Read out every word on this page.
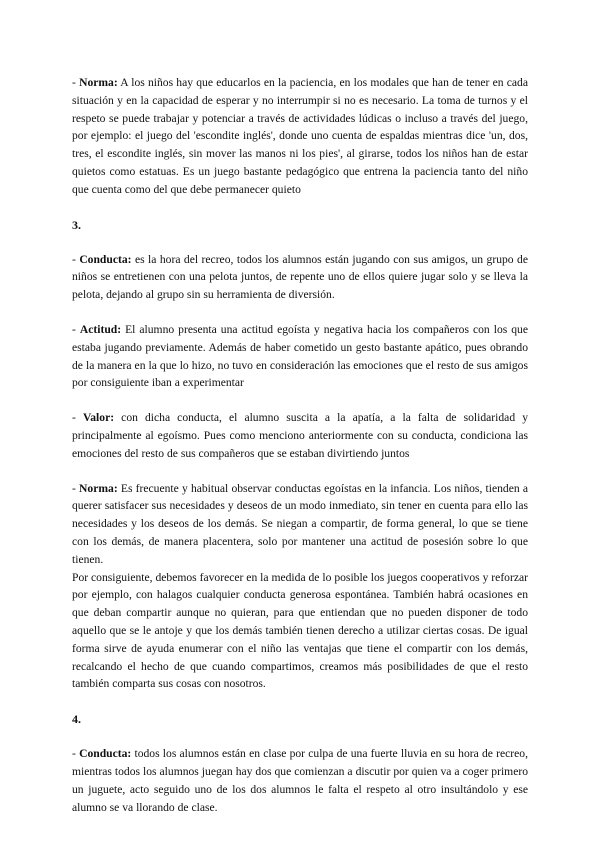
- Norma: A los niños hay que educarlos en la paciencia, en los modales que han de tener en cada situación y en la capacidad de esperar y no interrumpir si no es necesario. La toma de turnos y el respeto se puede trabajar y potenciar a través de actividades lúdicas o incluso a través del juego, por ejemplo: el juego del 'escondite inglés', donde uno cuenta de espaldas mientras dice 'un, dos, tres, el escondite inglés, sin mover las manos ni los pies', al girarse, todos los niños han de estar quietos como estatuas. Es un juego bastante pedagógico que entrena la paciencia tanto del niño que cuenta como del que debe permanecer quieto

3.

- Conducta: es la hora del recreo, todos los alumnos están jugando con sus amigos, un grupo de niños se entretienen con una pelota juntos, de repente uno de ellos quiere jugar solo y se lleva la pelota, dejando al grupo sin su herramienta de diversión.

- Actitud: El alumno presenta una actitud egoísta y negativa hacia los compañeros con los que estaba jugando previamente. Además de haber cometido un gesto bastante apático, pues obrando de la manera en la que lo hizo, no tuvo en consideración las emociones que el resto de sus amigos por consiguiente iban a experimentar

- Valor: con dicha conducta, el alumno suscita a la apatía, a la falta de solidaridad y principalmente al egoísmo. Pues como menciono anteriormente con su conducta, condiciona las emociones del resto de sus compañeros que se estaban divirtiendo juntos

- Norma: Es frecuente y habitual observar conductas egoístas en la infancia. Los niños, tienden a querer satisfacer sus necesidades y deseos de un modo inmediato, sin tener en cuenta para ello las necesidades y los deseos de los demás. Se niegan a compartir, de forma general, lo que se tiene con los demás, de manera placentera, solo por mantener una actitud de posesión sobre lo que tienen.

Por consiguiente, debemos favorecer en la medida de lo posible los juegos cooperativos y reforzar por ejemplo, con halagos cualquier conducta generosa espontánea. También habrá ocasiones en que deban compartir aunque no quieran, para que entiendan que no pueden disponer de todo aquello que se le antoje y que los demás también tienen derecho a utilizar ciertas cosas. De igual forma sirve de ayuda enumerar con el niño las ventajas que tiene el compartir con los demás, recalcando el hecho de que cuando compartimos, creamos más posibilidades de que el resto también comparta sus cosas con nosotros.

4.

- Conducta: todos los alumnos están en clase por culpa de una fuerte lluvia en su hora de recreo, mientras todos los alumnos juegan hay dos que comienzan a discutir por quien va a coger primero un juguete, acto seguido uno de los dos alumnos le falta el respeto al otro insultándolo y ese alumno se va llorando de clase.
